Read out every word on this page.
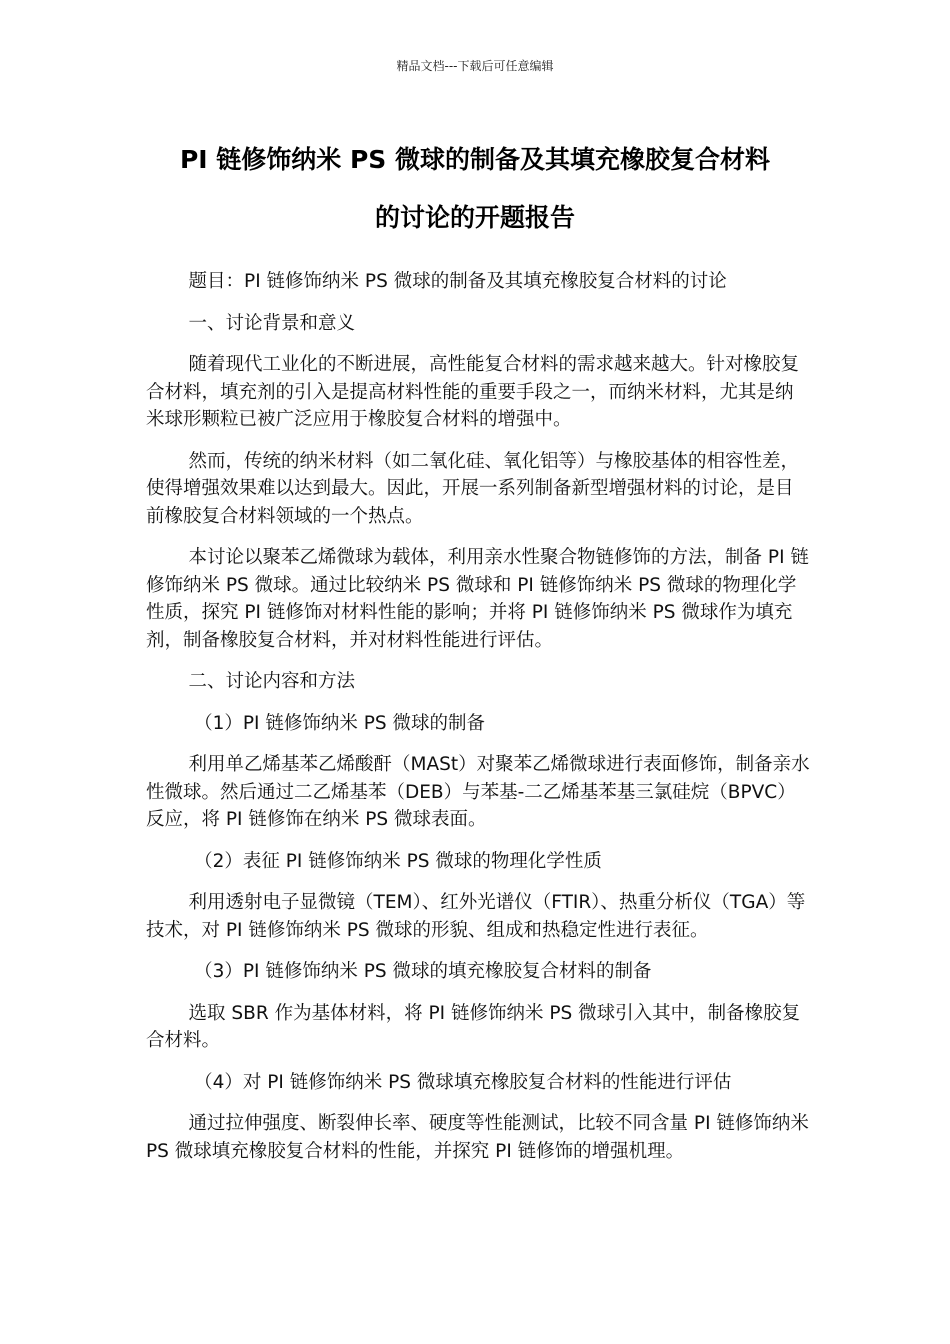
精品文档---下载后可任意编辑
PI 链修饰纳米 PS 微球的制备及其填充橡胶复合材料
的讨论的开题报告
题目：PI 链修饰纳米 PS 微球的制备及其填充橡胶复合材料的讨论
一、讨论背景和意义

随着现代工业化的不断进展，高性能复合材料的需求越来越大。针对橡胶复合材料，填充剂的引入是提高材料性能的重要手段之一，而纳米材料，尤其是纳米球形颗粒已被广泛应用于橡胶复合材料的增强中。

然而，传统的纳米材料（如二氧化硅、氧化铝等）与橡胶基体的相容性差，使得增强效果难以达到最大。因此，开展一系列制备新型增强材料的讨论，是目前橡胶复合材料领域的一个热点。

本讨论以聚苯乙烯微球为载体，利用亲水性聚合物链修饰的方法，制备 PI 链修饰纳米 PS 微球。通过比较纳米 PS 微球和 PI 链修饰纳米 PS 微球的物理化学性质，探究 PI 链修饰对材料性能的影响；并将 PI 链修饰纳米 PS 微球作为填充剂，制备橡胶复合材料，并对材料性能进行评估。

二、讨论内容和方法
（1）PI 链修饰纳米 PS 微球的制备

利用单乙烯基苯乙烯酸酐（MASt）对聚苯乙烯微球进行表面修饰，制备亲水性微球。然后通过二乙烯基苯（DEB）与苯基-二乙烯基苯基三氯硅烷（BPVC）反应，将 PI 链修饰在纳米 PS 微球表面。

（2）表征 PI 链修饰纳米 PS 微球的物理化学性质

利用透射电子显微镜（TEM）、红外光谱仪（FTIR）、热重分析仪（TGA）等技术，对 PI 链修饰纳米 PS 微球的形貌、组成和热稳定性进行表征。

（3）PI 链修饰纳米 PS 微球的填充橡胶复合材料的制备

选取 SBR 作为基体材料，将 PI 链修饰纳米 PS 微球引入其中，制备橡胶复合材料。

（4）对 PI 链修饰纳米 PS 微球填充橡胶复合材料的性能进行评估

通过拉伸强度、断裂伸长率、硬度等性能测试，比较不同含量 PI 链修饰纳米 PS 微球填充橡胶复合材料的性能，并探究 PI 链修饰的增强机理。
